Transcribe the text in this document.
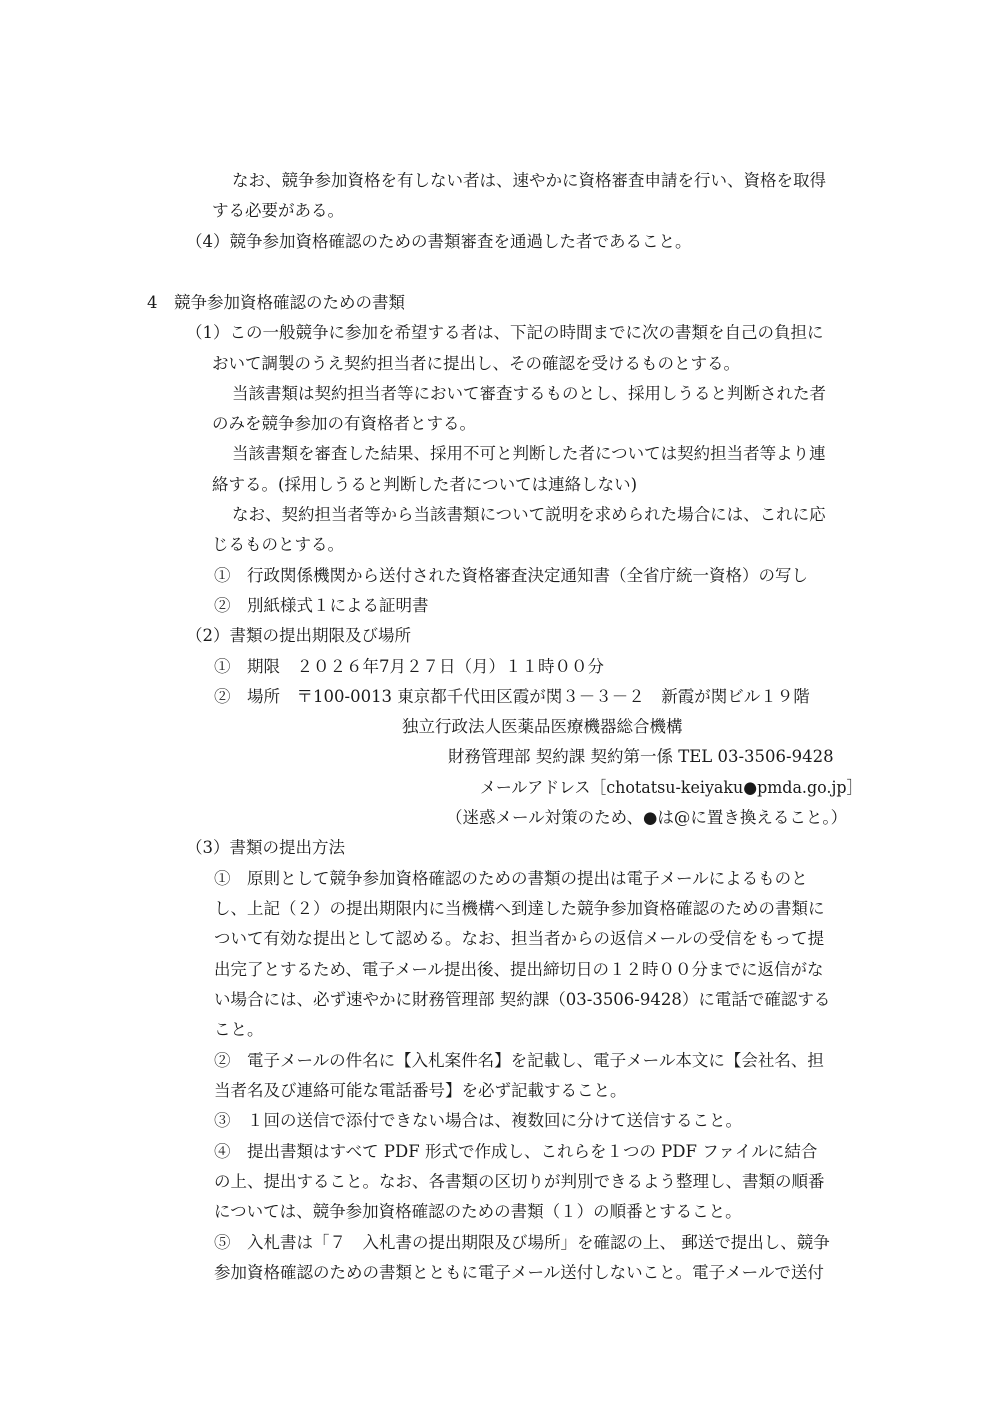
なお、競争参加資格を有しない者は、速やかに資格審査申請を行い、資格を取得
する必要がある。
（4）競争参加資格確認のための書類審査を通過した者であること。
4　競争参加資格確認のための書類
（1）この一般競争に参加を希望する者は、下記の時間までに次の書類を自己の負担に
おいて調製のうえ契約担当者に提出し、その確認を受けるものとする。
当該書類は契約担当者等において審査するものとし、採用しうると判断された者
のみを競争参加の有資格者とする。
当該書類を審査した結果、採用不可と判断した者については契約担当者等より連
絡する。(採用しうると判断した者については連絡しない)
なお、契約担当者等から当該書類について説明を求められた場合には、これに応
じるものとする。
①　行政関係機関から送付された資格審査決定通知書（全省庁統一資格）の写し
②　別紙様式１による証明書
（2）書類の提出期限及び場所
①　期限　２０２６年7月２７日（月）１１時００分
②　場所　〒100-0013 東京都千代田区霞が関３－３－２　新霞が関ビル１９階
独立行政法人医薬品医療機器総合機構
財務管理部 契約課 契約第一係 TEL 03-3506-9428
メールアドレス［chotatsu-keiyaku●pmda.go.jp］
（迷惑メール対策のため、●は@に置き換えること。）
（3）書類の提出方法
①　原則として競争参加資格確認のための書類の提出は電子メールによるものと
し、上記（２）の提出期限内に当機構へ到達した競争参加資格確認のための書類に
ついて有効な提出として認める。なお、担当者からの返信メールの受信をもって提
出完了とするため、電子メール提出後、提出締切日の１２時００分までに返信がな
い場合には、必ず速やかに財務管理部 契約課（03-3506-9428）に電話で確認する
こと。
②　電子メールの件名に【入札案件名】を記載し、電子メール本文に【会社名、担
当者名及び連絡可能な電話番号】を必ず記載すること。
③　１回の送信で添付できない場合は、複数回に分けて送信すること。
④　提出書類はすべて PDF 形式で作成し、これらを１つの PDF ファイルに結合
の上、提出すること。なお、各書類の区切りが判別できるよう整理し、書類の順番
については、競争参加資格確認のための書類（１）の順番とすること。
⑤　入札書は「７　入札書の提出期限及び場所」を確認の上、 郵送で提出し、競争
参加資格確認のための書類とともに電子メール送付しないこと。電子メールで送付
